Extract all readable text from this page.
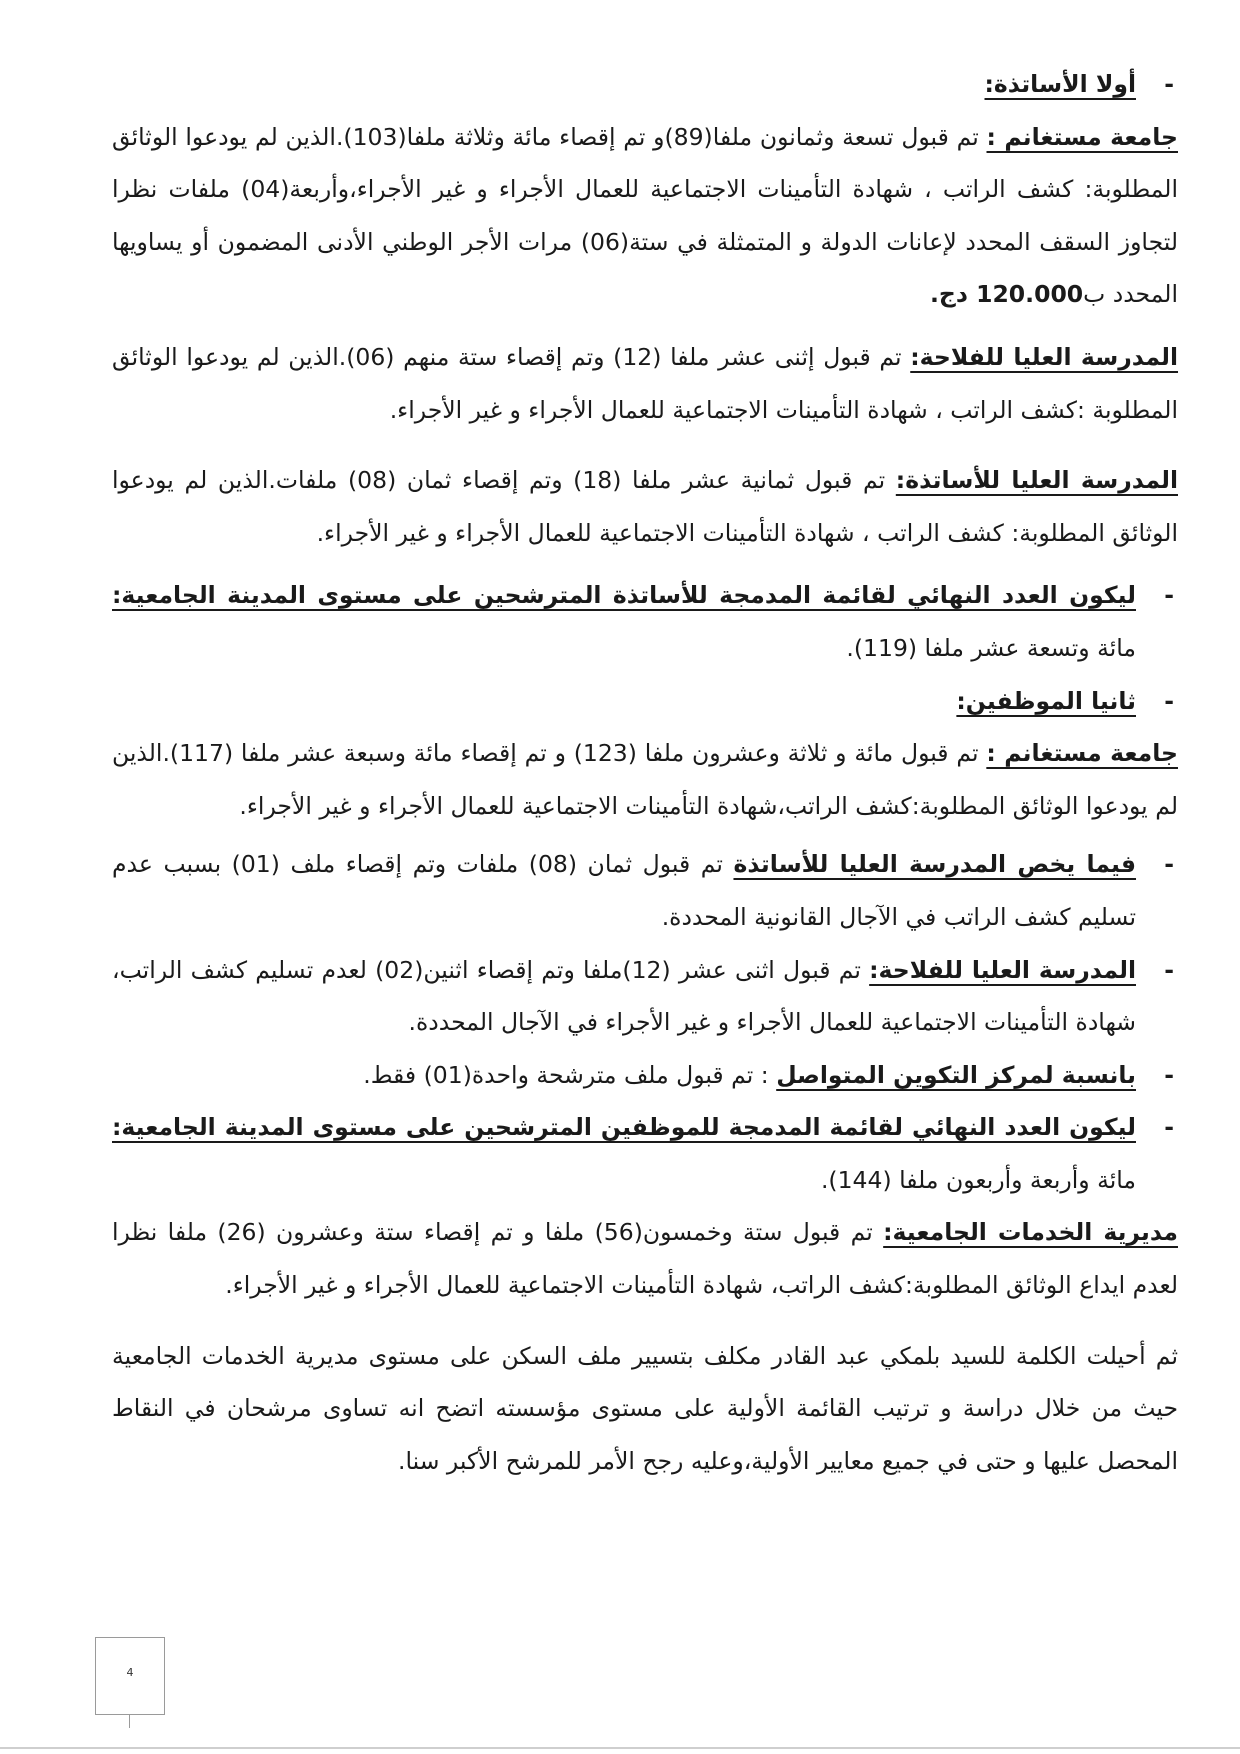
-
أولا الأساتذة:

جامعة مستغانم : تم قبول تسعة وثمانون ملفا(89)و تم إقصاء مائة وثلاثة ملفا(103).الذين لم يودعوا الوثائق المطلوبة: كشف الراتب ، شهادة التأمينات الاجتماعية للعمال الأجراء و غير الأجراء،وأربعة(04) ملفات نظرا لتجاوز السقف المحدد لإعانات الدولة و المتمثلة في ستة(06) مرات الأجر الوطني الأدنى المضمون أو يساويها المحدد ب120.000 دج.

المدرسة العليا للفلاحة: تم قبول إثنى عشر ملفا (12) وتم إقصاء ستة منهم (06).الذين لم يودعوا الوثائق المطلوبة :كشف الراتب ، شهادة التأمينات الاجتماعية للعمال الأجراء و غير الأجراء.

المدرسة العليا للأساتذة: تم قبول ثمانية عشر ملفا (18) وتم إقصاء ثمان (08) ملفات.الذين لم يودعوا الوثائق المطلوبة: كشف الراتب ، شهادة التأمينات الاجتماعية للعمال الأجراء و غير الأجراء.

-
ليكون العدد النهائي لقائمة المدمجة للأساتذة المترشحين على مستوى المدينة الجامعية: مائة وتسعة عشر ملفا (119).

-
ثانيا الموظفين:

جامعة مستغانم : تم قبول مائة و ثلاثة وعشرون ملفا (123) و تم إقصاء مائة وسبعة عشر ملفا (117).الذين لم يودعوا الوثائق المطلوبة:كشف الراتب،شهادة التأمينات الاجتماعية للعمال الأجراء و غير الأجراء.

-
فيما يخص المدرسة العليا للأساتذة تم قبول ثمان (08) ملفات وتم إقصاء ملف (01) بسبب عدم تسليم كشف الراتب في الآجال القانونية المحددة.

-
المدرسة العليا للفلاحة: تم قبول اثنى عشر (12)ملفا وتم إقصاء اثنين(02) لعدم تسليم كشف الراتب، شهادة التأمينات الاجتماعية للعمال الأجراء و غير الأجراء في الآجال المحددة.

-
بانسبة لمركز التكوين المتواصل : تم قبول ملف مترشحة واحدة(01) فقط.

-
ليكون العدد النهائي لقائمة المدمجة للموظفين المترشحين على مستوى المدينة الجامعية: مائة وأربعة وأربعون ملفا (144).

مديرية الخدمات الجامعية: تم قبول ستة وخمسون(56) ملفا و تم إقصاء ستة وعشرون (26) ملفا نظرا لعدم ايداع الوثائق المطلوبة:كشف الراتب، شهادة التأمينات الاجتماعية للعمال الأجراء و غير الأجراء.

ثم أحيلت الكلمة للسيد بلمكي عبد القادر مكلف بتسيير ملف السكن على مستوى مديرية الخدمات الجامعية حيث من خلال دراسة و ترتيب القائمة الأولية على مستوى مؤسسته اتضح انه تساوى مرشحان في النقاط المحصل عليها و حتى في جميع معايير الأولية،وعليه رجح الأمر للمرشح الأكبر سنا.

4
